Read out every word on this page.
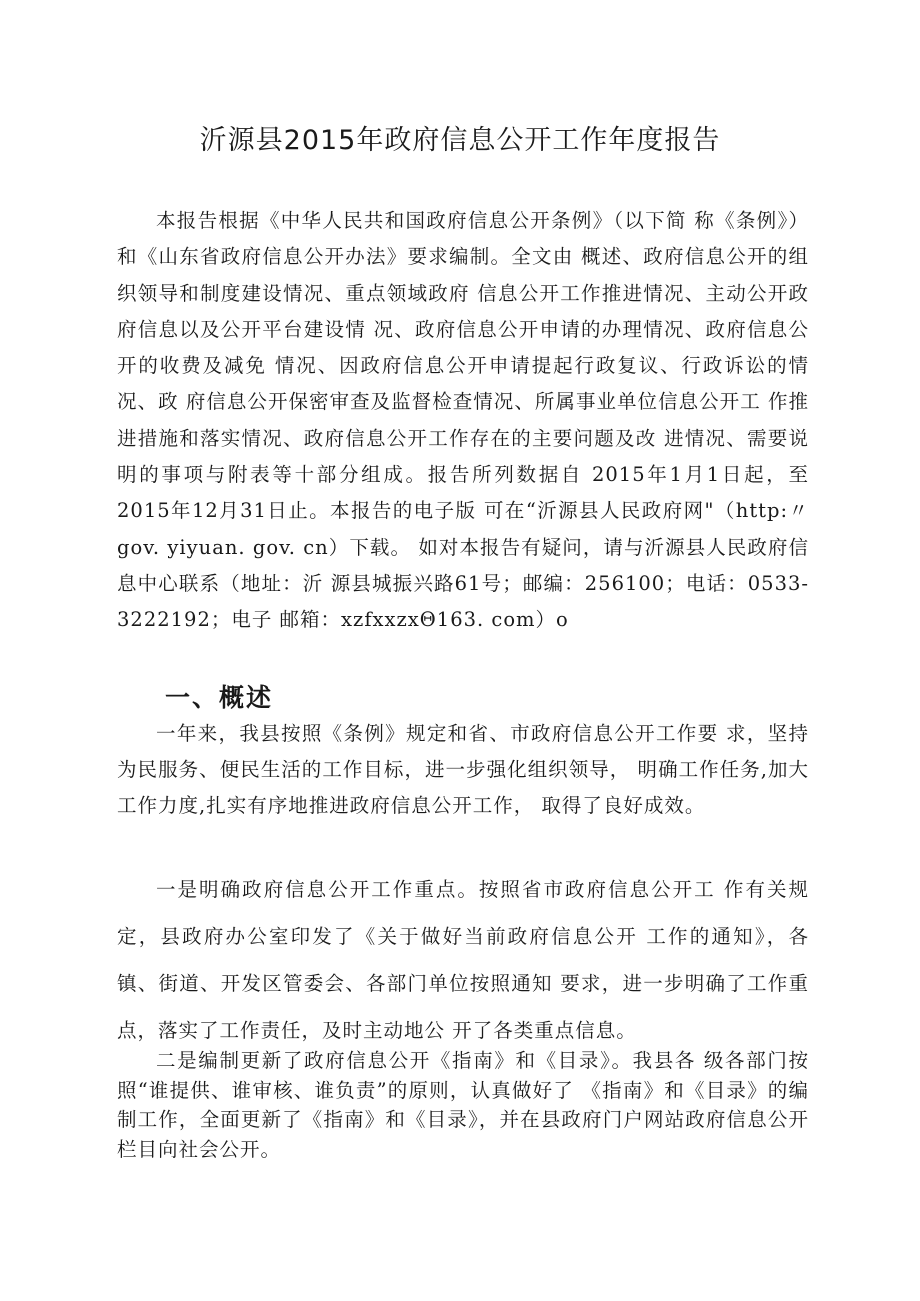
沂源县2015年政府信息公开工作年度报告

本报告根据《中华人民共和国政府信息公开条例》（以下简 称《条例》）和《山东省政府信息公开办法》要求编制。全文由 概述、政府信息公开的组织领导和制度建设情况、重点领域政府 信息公开工作推进情况、主动公开政府信息以及公开平台建设情 况、政府信息公开申请的办理情况、政府信息公开的收费及减免 情况、因政府信息公开申请提起行政复议、行政诉讼的情况、政 府信息公开保密审查及监督检查情况、所属事业单位信息公开工 作推进措施和落实情况、政府信息公开工作存在的主要问题及改 进情况、需要说明的事项与附表等十部分组成。报告所列数据自 2015年1月1日起，至2015年12月31日止。本报告的电子版 可在“沂源县人民政府网"（http:〃gov. yiyuan. gov. cn）下载。 如对本报告有疑问，请与沂源县人民政府信息中心联系（地址：沂 源县城振兴路61号；邮编：256100；电话：0533-3222192；电子 邮箱：xzfxxzxΘ163. com）o

一、概述

一年来，我县按照《条例》规定和省、市政府信息公开工作要 求，坚持为民服务、便民生活的工作目标，进一步强化组织领导， 明确工作任务,加大工作力度,扎实有序地推进政府信息公开工作， 取得了良好成效。

一是明确政府信息公开工作重点。按照省市政府信息公开工 作有关规定，县政府办公室印发了《关于做好当前政府信息公开 工作的通知》，各镇、街道、开发区管委会、各部门单位按照通知 要求，进一步明确了工作重点，落实了工作责任，及时主动地公 开了各类重点信息。

二是编制更新了政府信息公开《指南》和《目录》。我县各 级各部门按照“谁提供、谁审核、谁负责”的原则，认真做好了 《指南》和《目录》的编制工作，全面更新了《指南》和《目录》，并在县政府门户网站政府信息公开栏目向社会公开。
